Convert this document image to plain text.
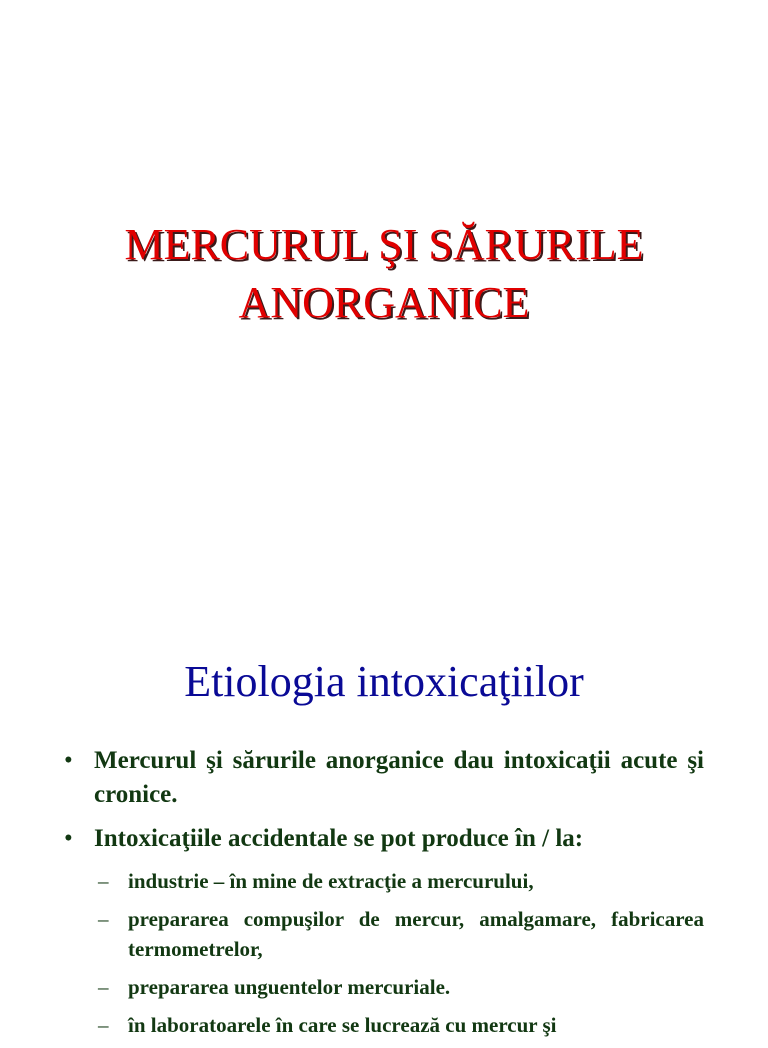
MERCURUL ŞI SĂRURILE
ANORGANICE
Etiologia intoxicaţiilor
• Mercurul şi sărurile anorganice dau intoxicaţii acute şi cronice.
• Intoxicaţiile accidentale se pot produce în / la:
– industrie – în mine de extracţie a mercurului,
– prepararea compuşilor de mercur, amalgamare, fabricarea termometrelor,
– prepararea unguentelor mercuriale.
– în laboratoarele în care se lucrează cu mercur şi
